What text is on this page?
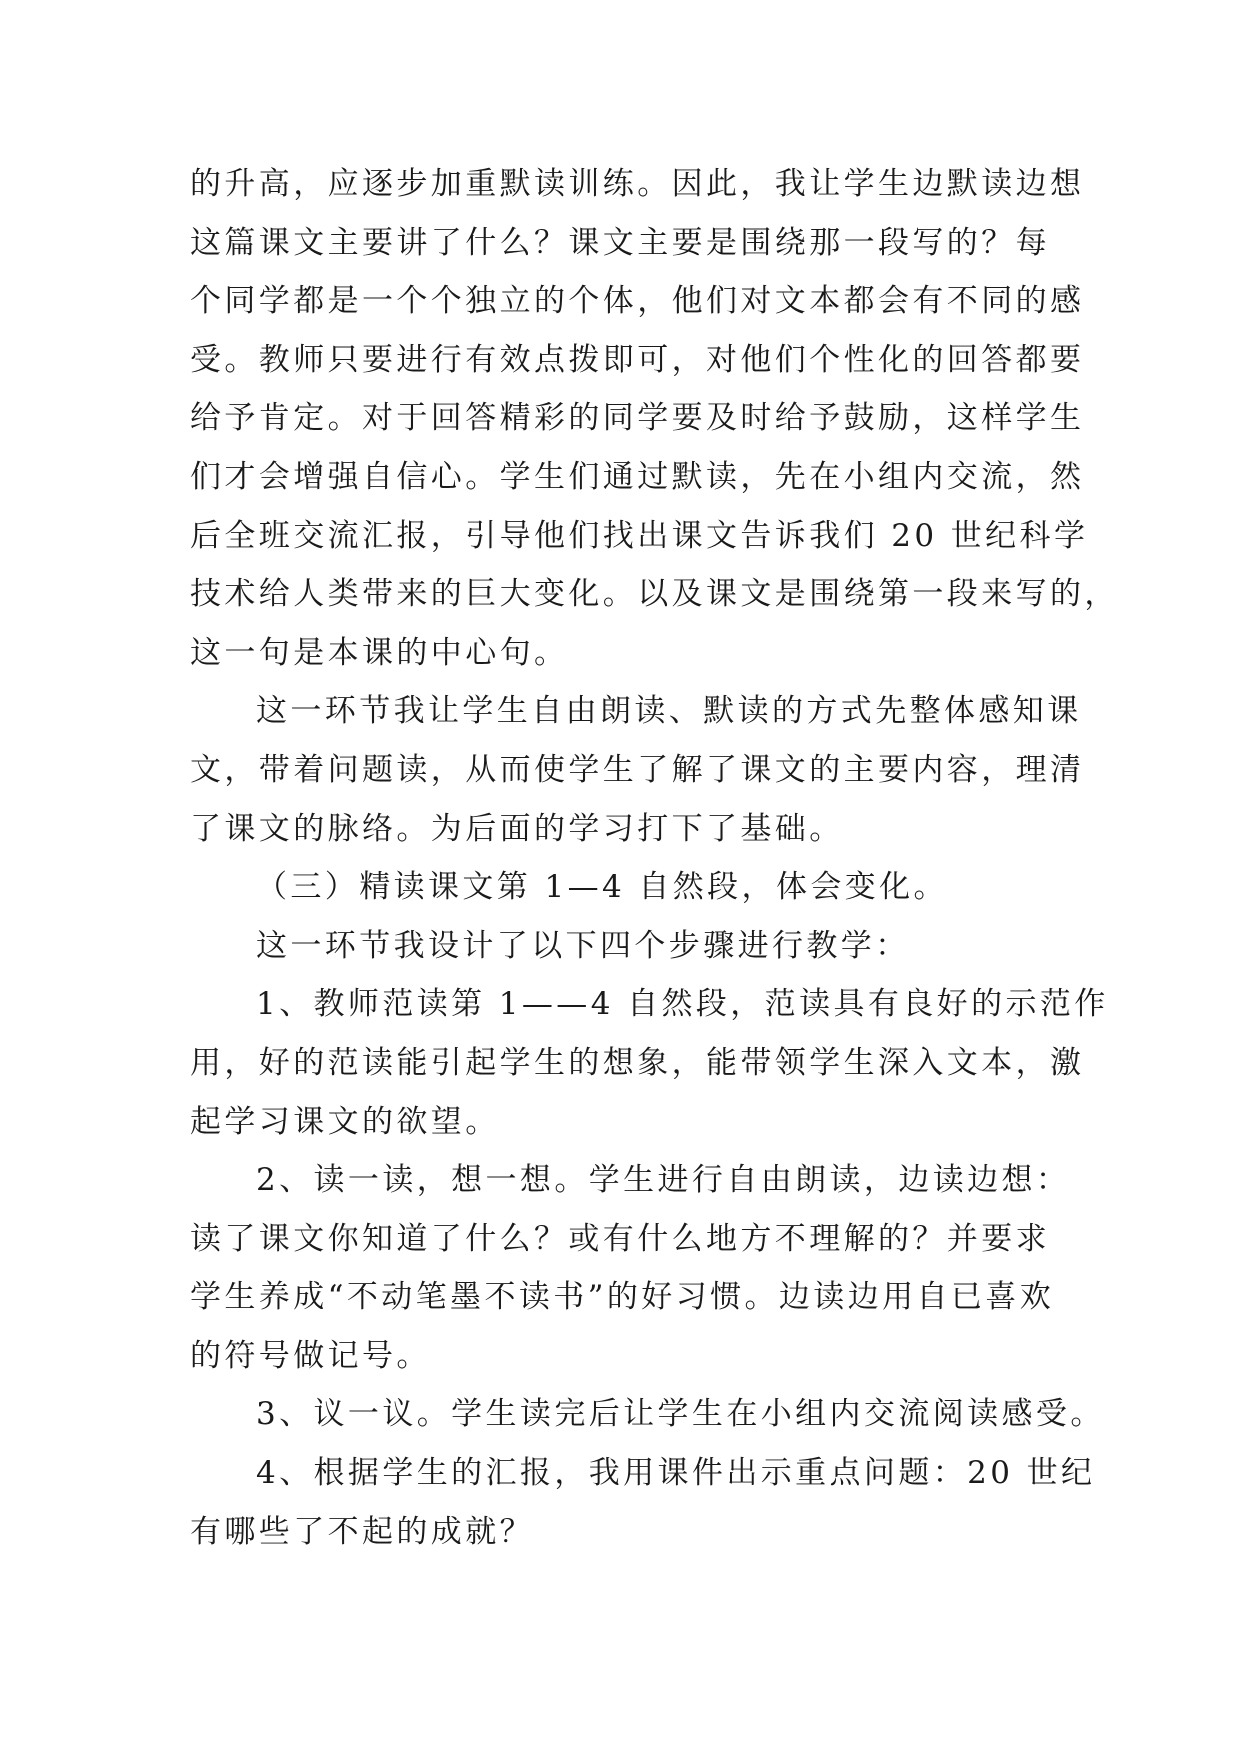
的升高，应逐步加重默读训练。因此，我让学生边默读边想
这篇课文主要讲了什么？课文主要是围绕那一段写的？每
个同学都是一个个独立的个体，他们对文本都会有不同的感
受。教师只要进行有效点拨即可，对他们个性化的回答都要
给予肯定。对于回答精彩的同学要及时给予鼓励，这样学生
们才会增强自信心。学生们通过默读，先在小组内交流，然
后全班交流汇报，引导他们找出课文告诉我们 20 世纪科学
技术给人类带来的巨大变化。以及课文是围绕第一段来写的，
这一句是本课的中心句。

这一环节我让学生自由朗读、默读的方式先整体感知课
文，带着问题读，从而使学生了解了课文的主要内容，理清
了课文的脉络。为后面的学习打下了基础。

（三）精读课文第 1—4 自然段，体会变化。

这一环节我设计了以下四个步骤进行教学：

1、教师范读第 1——4 自然段，范读具有良好的示范作
用，好的范读能引起学生的想象，能带领学生深入文本，激
起学习课文的欲望。

2、读一读，想一想。学生进行自由朗读，边读边想：
读了课文你知道了什么？或有什么地方不理解的？并要求
学生养成“不动笔墨不读书”的好习惯。边读边用自已喜欢
的符号做记号。

3、议一议。学生读完后让学生在小组内交流阅读感受。

4、根据学生的汇报，我用课件出示重点问题：20 世纪
有哪些了不起的成就？
